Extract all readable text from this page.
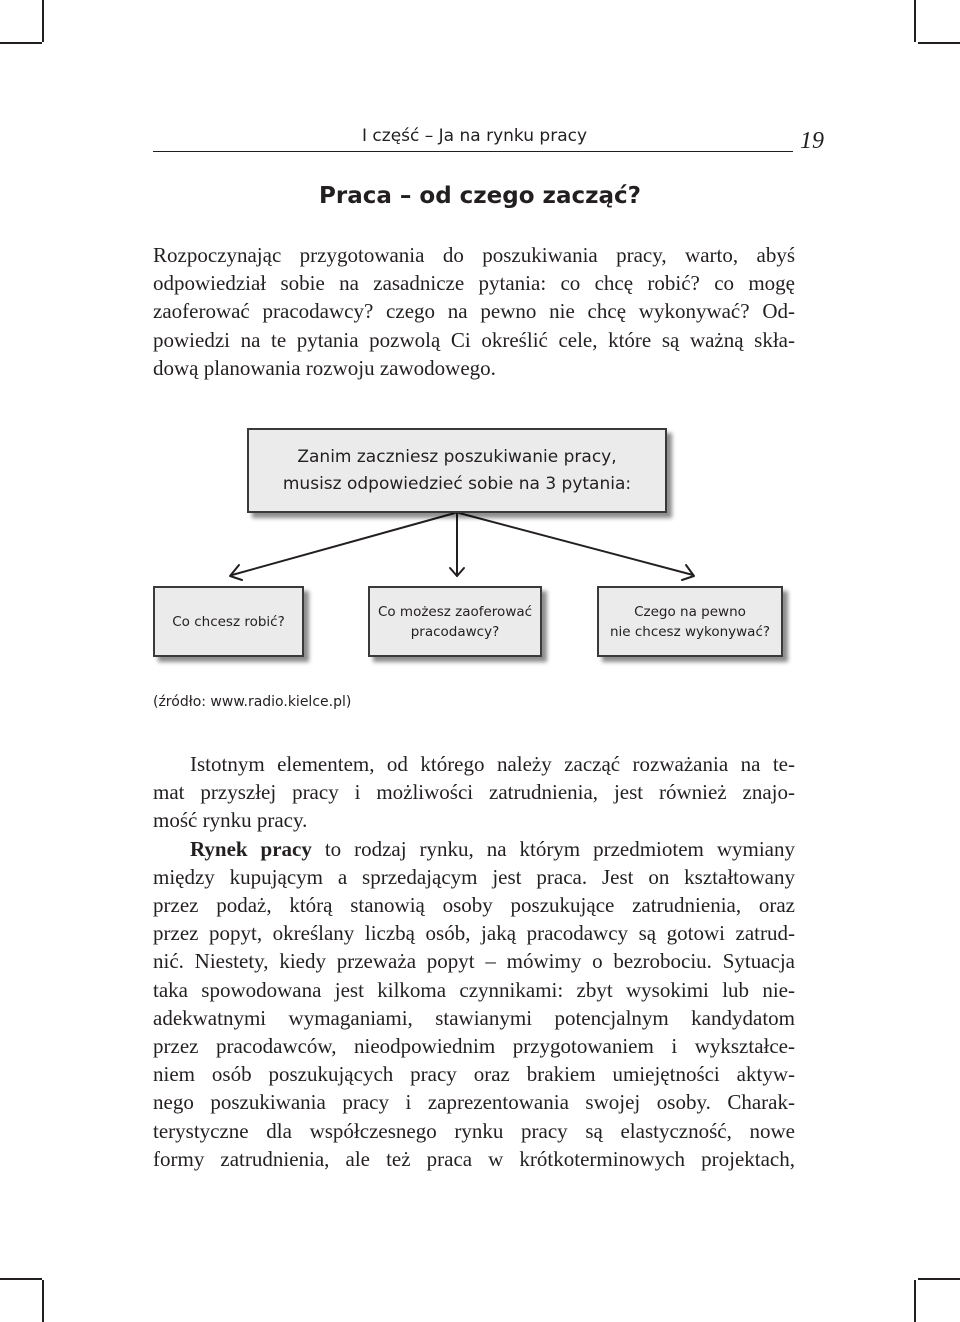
I część – Ja na rynku pracy	19
Praca – od czego zacząć?
Rozpoczynając przygotowania do poszukiwania pracy, warto, abyś
odpowiedział sobie na zasadnicze pytania: co chcę robić? co mogę
zaoferować pracodawcy? czego na pewno nie chcę wykonywać? Od-
powiedzi na te pytania pozwolą Ci określić cele, które są ważną skła-
dową planowania rozwoju zawodowego.
Zanim zaczniesz poszukiwanie pracy,
musisz odpowiedzieć sobie na 3 pytania:
Co chcesz robić?
Co możesz zaoferować
pracodawcy?
Czego na pewno
nie chcesz wykonywać?
(źródło: www.radio.kielce.pl)
Istotnym elementem, od którego należy zacząć rozważania na te-
mat przyszłej pracy i możliwości zatrudnienia, jest również znajo-
mość rynku pracy.
Rynek pracy to rodzaj rynku, na którym przedmiotem wymiany
między kupującym a sprzedającym jest praca. Jest on kształtowany
przez podaż, którą stanowią osoby poszukujące zatrudnienia, oraz
przez popyt, określany liczbą osób, jaką pracodawcy są gotowi zatrud-
nić. Niestety, kiedy przeważa popyt – mówimy o bezrobociu. Sytuacja
taka spowodowana jest kilkoma czynnikami: zbyt wysokimi lub nie-
adekwatnymi wymaganiami, stawianymi potencjalnym kandydatom
przez pracodawców, nieodpowiednim przygotowaniem i wykształce-
niem osób poszukujących pracy oraz brakiem umiejętności aktyw-
nego poszukiwania pracy i zaprezentowania swojej osoby. Charak-
terystyczne dla współczesnego rynku pracy są elastyczność, nowe
formy zatrudnienia, ale też praca w krótkoterminowych projektach,
